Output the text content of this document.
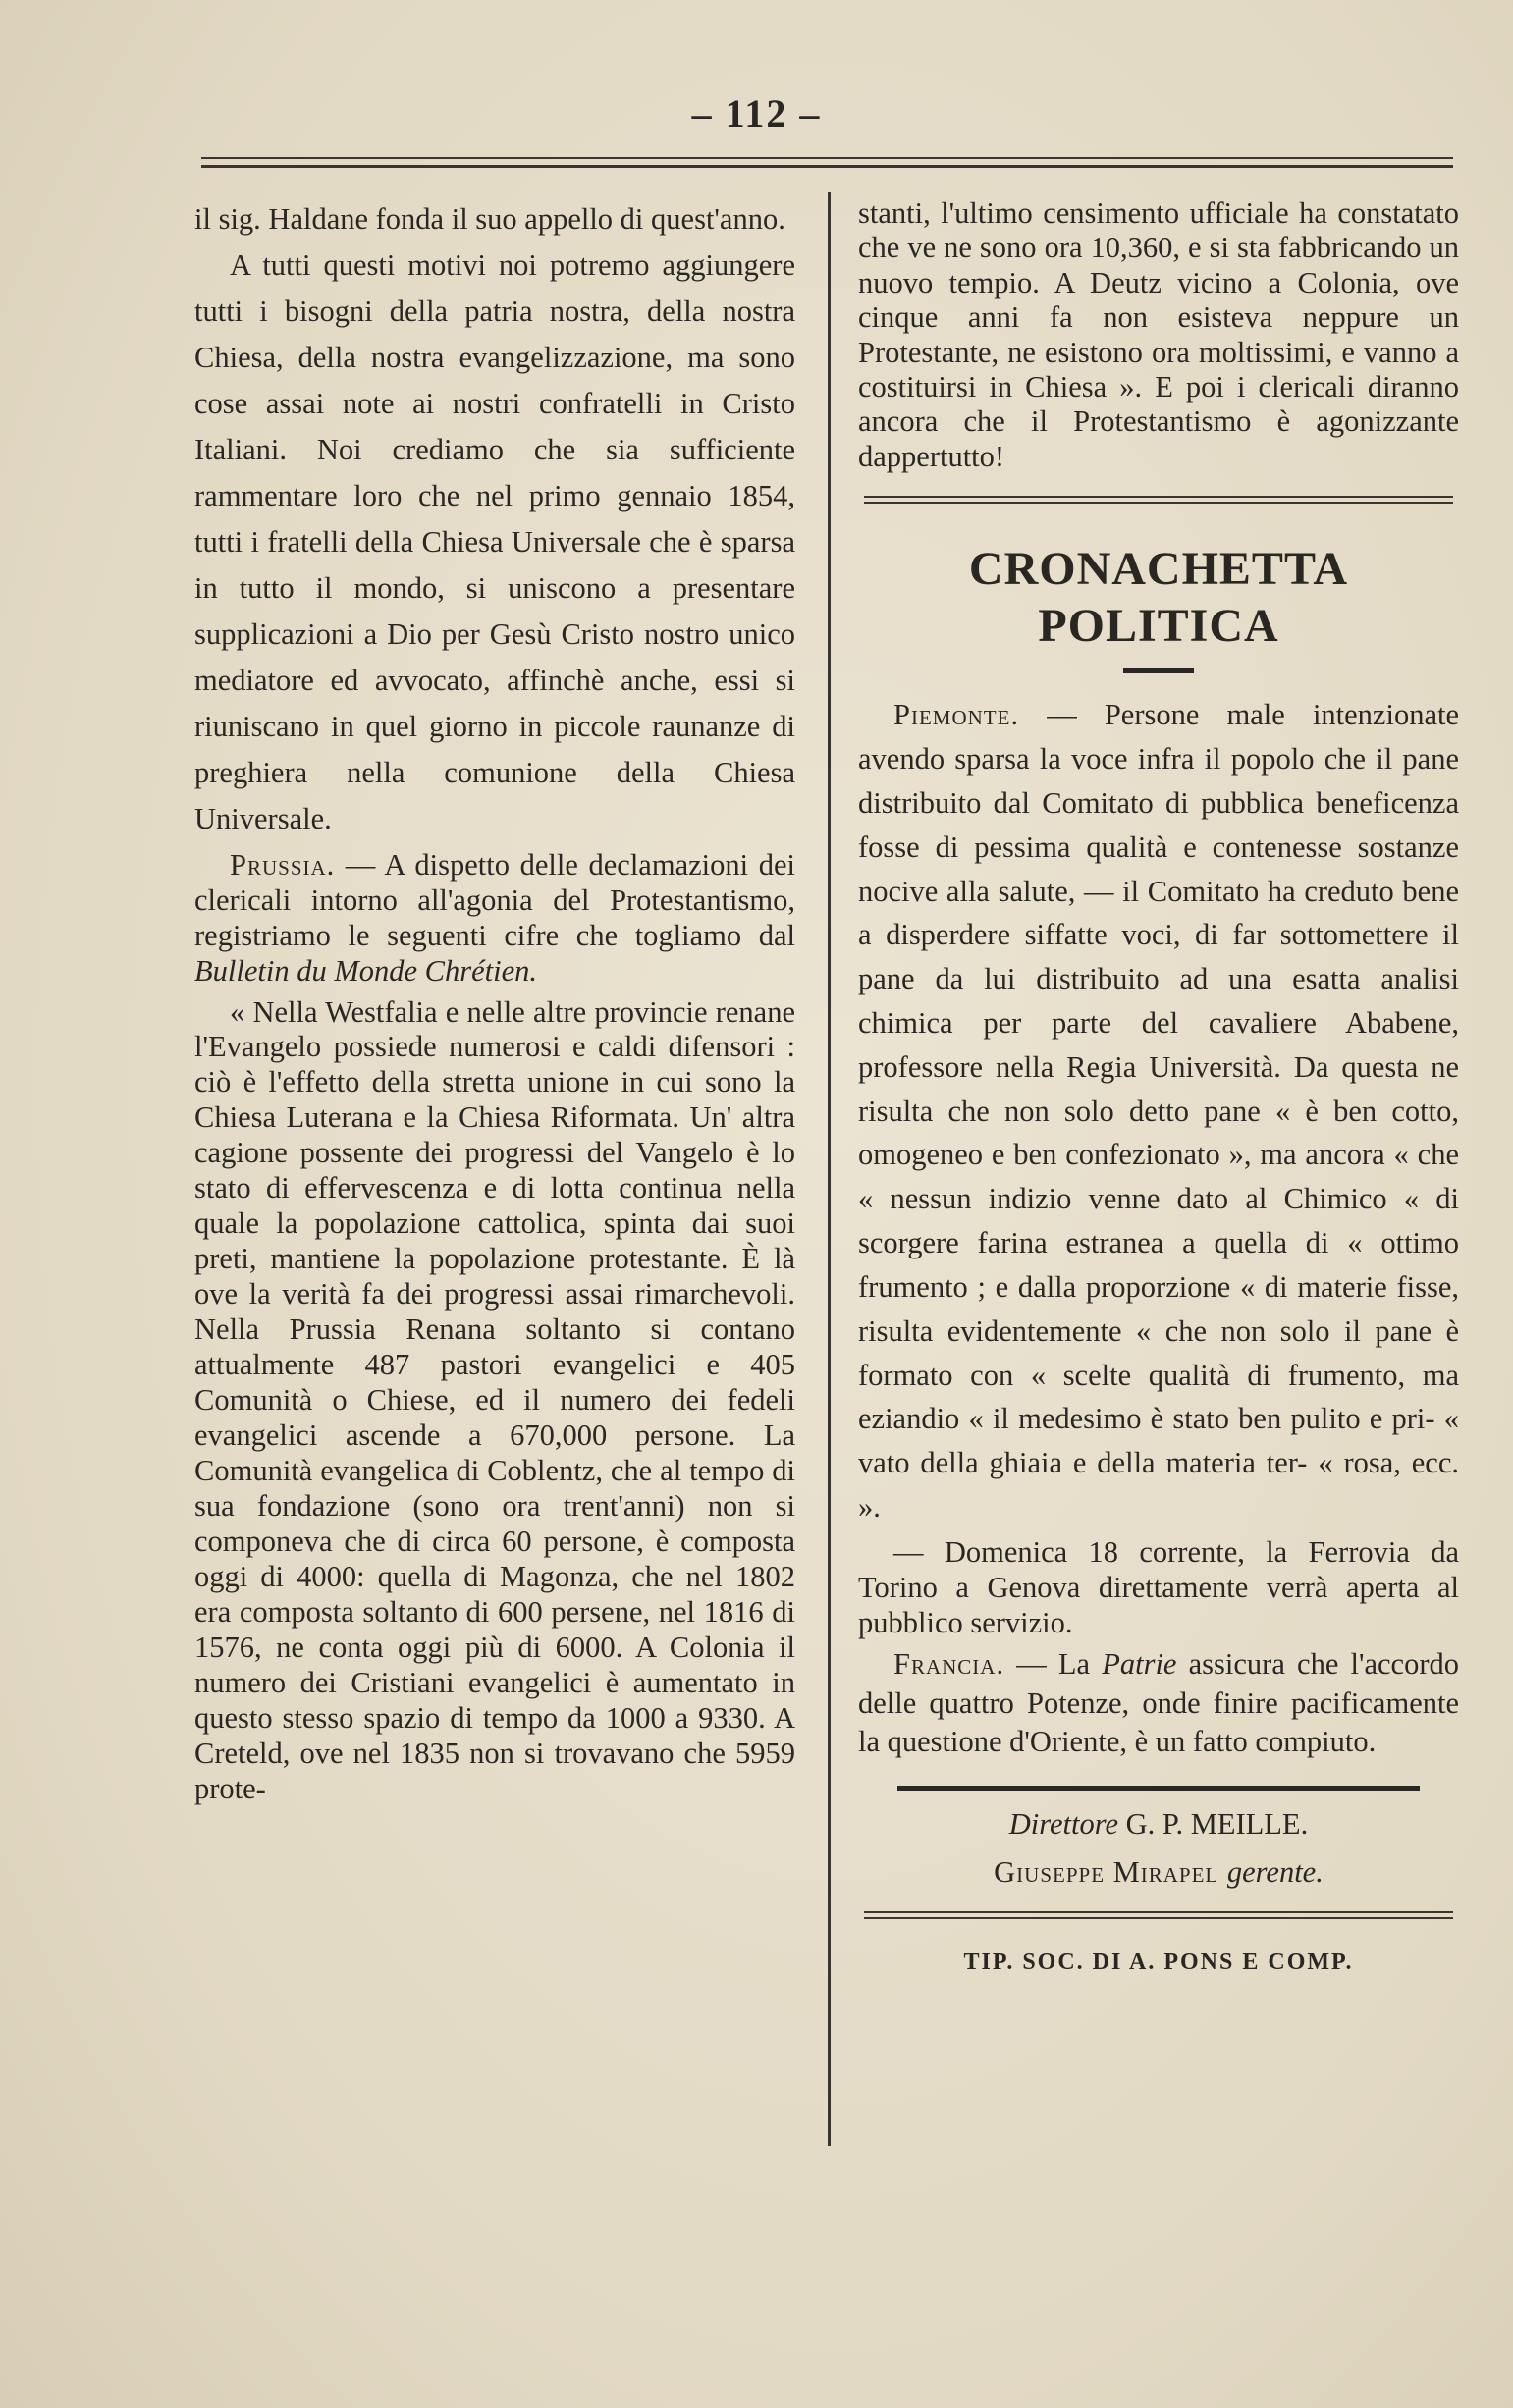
– 112 –

il sig. Haldane fonda il suo appello di quest'anno.

A tutti questi motivi noi potremo aggiungere tutti i bisogni della patria nostra, della nostra Chiesa, della nostra evangelizzazione, ma sono cose assai note ai nostri confratelli in Cristo Italiani. Noi crediamo che sia sufficiente rammentare loro che nel primo gennaio 1854, tutti i fratelli della Chiesa Universale che è sparsa in tutto il mondo, si uniscono a presentare supplicazioni a Dio per Gesù Cristo nostro unico mediatore ed avvocato, affinchè anche, essi si riuniscano in quel giorno in piccole raunanze di preghiera nella comunione della Chiesa Universale.

Prussia. — A dispetto delle declamazioni dei clericali intorno all'agonia del Protestantismo, registriamo le seguenti cifre che togliamo dal Bulletin du Monde Chrétien.

« Nella Westfalia e nelle altre provincie renane l'Evangelo possiede numerosi e caldi difensori : ciò è l'effetto della stretta unione in cui sono la Chiesa Luterana e la Chiesa Riformata. Un' altra cagione possente dei progressi del Vangelo è lo stato di effervescenza e di lotta continua nella quale la popolazione cattolica, spinta dai suoi preti, mantiene la popolazione protestante. È là ove la verità fa dei progressi assai rimarchevoli. Nella Prussia Renana soltanto si contano attualmente 487 pastori evangelici e 405 Comunità o Chiese, ed il numero dei fedeli evangelici ascende a 670,000 persone. La Comunità evangelica di Coblentz, che al tempo di sua fondazione (sono ora trent'anni) non si componeva che di circa 60 persone, è composta oggi di 4000: quella di Magonza, che nel 1802 era composta soltanto di 600 persene, nel 1816 di 1576, ne conta oggi più di 6000. A Colonia il numero dei Cristiani evangelici è aumentato in questo stesso spazio di tempo da 1000 a 9330. A Creteld, ove nel 1835 non si trovavano che 5959 prote-

stanti, l'ultimo censimento ufficiale ha constatato che ve ne sono ora 10,360, e si sta fabbricando un nuovo tempio. A Deutz vicino a Colonia, ove cinque anni fa non esisteva neppure un Protestante, ne esistono ora moltissimi, e vanno a costituirsi in Chiesa ». E poi i clericali diranno ancora che il Protestantismo è agonizzante dappertutto!

CRONACHETTA POLITICA

Piemonte. — Persone male intenzionate avendo sparsa la voce infra il popolo che il pane distribuito dal Comitato di pubblica beneficenza fosse di pessima qualità e contenesse sostanze nocive alla salute, — il Comitato ha creduto bene a disperdere siffatte voci, di far sottomettere il pane da lui distribuito ad una esatta analisi chimica per parte del cavaliere Ababene, professore nella Regia Università. Da questa ne risulta che non solo detto pane « è ben cotto, omogeneo e ben confezionato », ma ancora « che « nessun indizio venne dato al Chimico « di scorgere farina estranea a quella di « ottimo frumento ; e dalla proporzione « di materie fisse, risulta evidentemente « che non solo il pane è formato con « scelte qualità di frumento, ma eziandio « il medesimo è stato ben pulito e pri- « vato della ghiaia e della materia ter- « rosa, ecc. ».

— Domenica 18 corrente, la Ferrovia da Torino a Genova direttamente verrà aperta al pubblico servizio.

Francia. — La Patrie assicura che l'accordo delle quattro Potenze, onde finire pacificamente la questione d'Oriente, è un fatto compiuto.

Direttore G. P. MEILLE.
Giuseppe Mirapel gerente.
TIP. SOC. DI A. PONS E COMP.
